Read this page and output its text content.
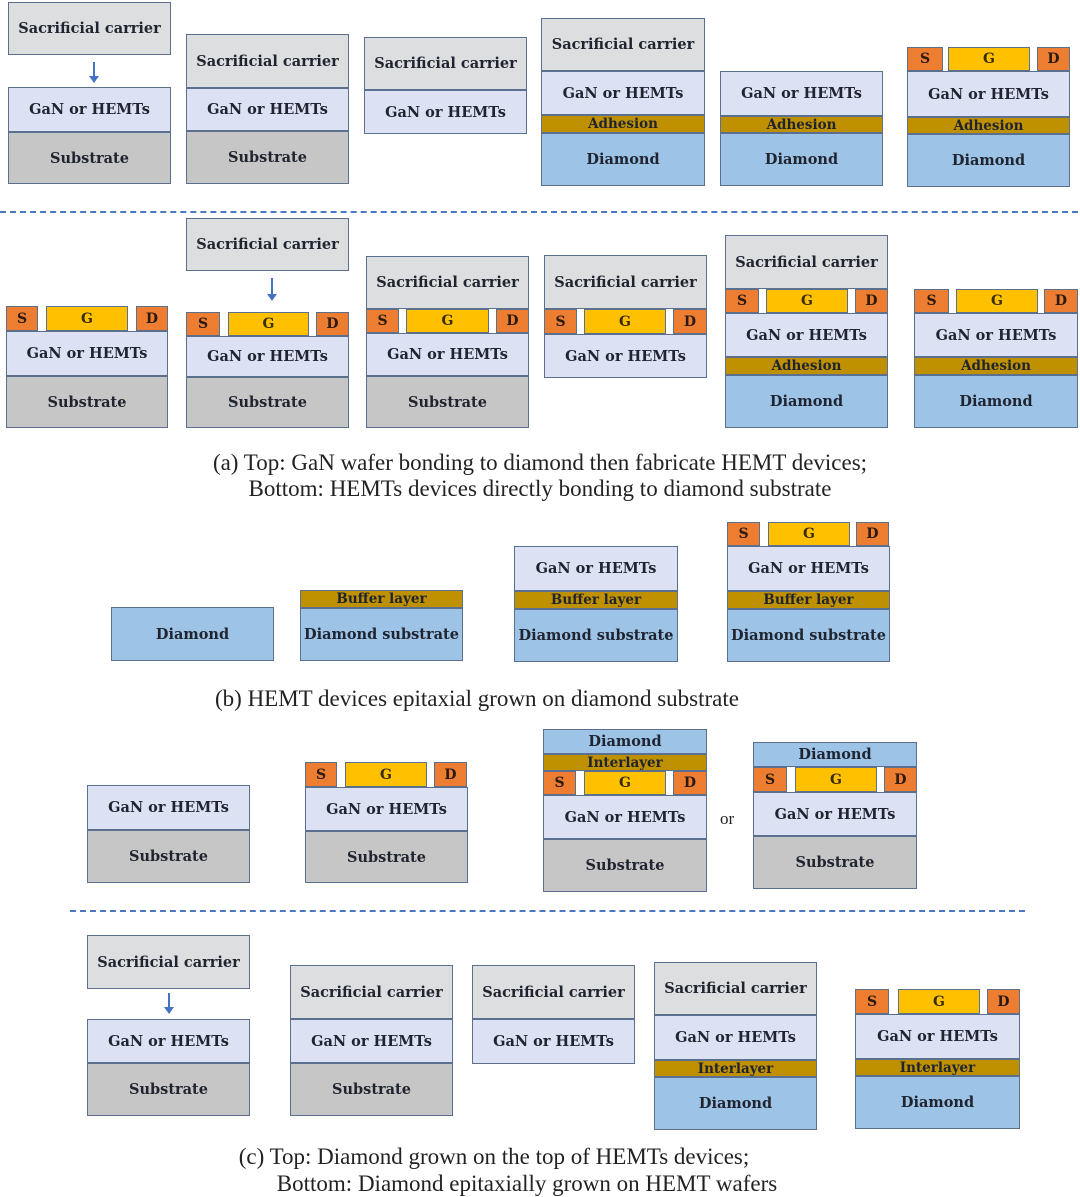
Sacrificial carrier
GaN or HEMTs
Substrate
Sacrificial carrier
GaN or HEMTs
Substrate
Sacrificial carrier
GaN or HEMTs
Sacrificial carrier
GaN or HEMTs
Adhesion
Diamond
GaN or HEMTs
Adhesion
Diamond
S	G	D
GaN or HEMTs
Adhesion
Diamond
S	G	D
GaN or HEMTs
Substrate
Sacrificial carrier
S	G	D
GaN or HEMTs
Substrate
Sacrificial carrier
S	G	D
GaN or HEMTs
Substrate
Sacrificial carrier
S	G	D
GaN or HEMTs
Sacrificial carrier
S	G	D
GaN or HEMTs
Adhesion
Diamond
S	G	D
GaN or HEMTs
Adhesion
Diamond
Diamond
Buffer layer
Diamond substrate
GaN or HEMTs
Buffer layer
Diamond substrate
S	G	D
GaN or HEMTs
Buffer layer
Diamond substrate
GaN or HEMTs
Substrate
S	G	D
GaN or HEMTs
Substrate
Diamond
Interlayer
S	G	D
GaN or HEMTs
Substrate
Diamond
S	G	D
GaN or HEMTs
Substrate
Sacrificial carrier
GaN or HEMTs
Substrate
Sacrificial carrier
GaN or HEMTs
Substrate
Sacrificial carrier
GaN or HEMTs
Sacrificial carrier
GaN or HEMTs
Interlayer
Diamond
S	G	D
GaN or HEMTs
Interlayer
Diamond
(a) Top: GaN wafer bonding to diamond then fabricate HEMT devices;
Bottom: HEMTs devices directly bonding to diamond substrate
(b) HEMT devices epitaxial grown on diamond substrate
(c) Top: Diamond grown on the top of HEMTs devices;
Bottom: Diamond epitaxially grown on HEMT wafers
or
